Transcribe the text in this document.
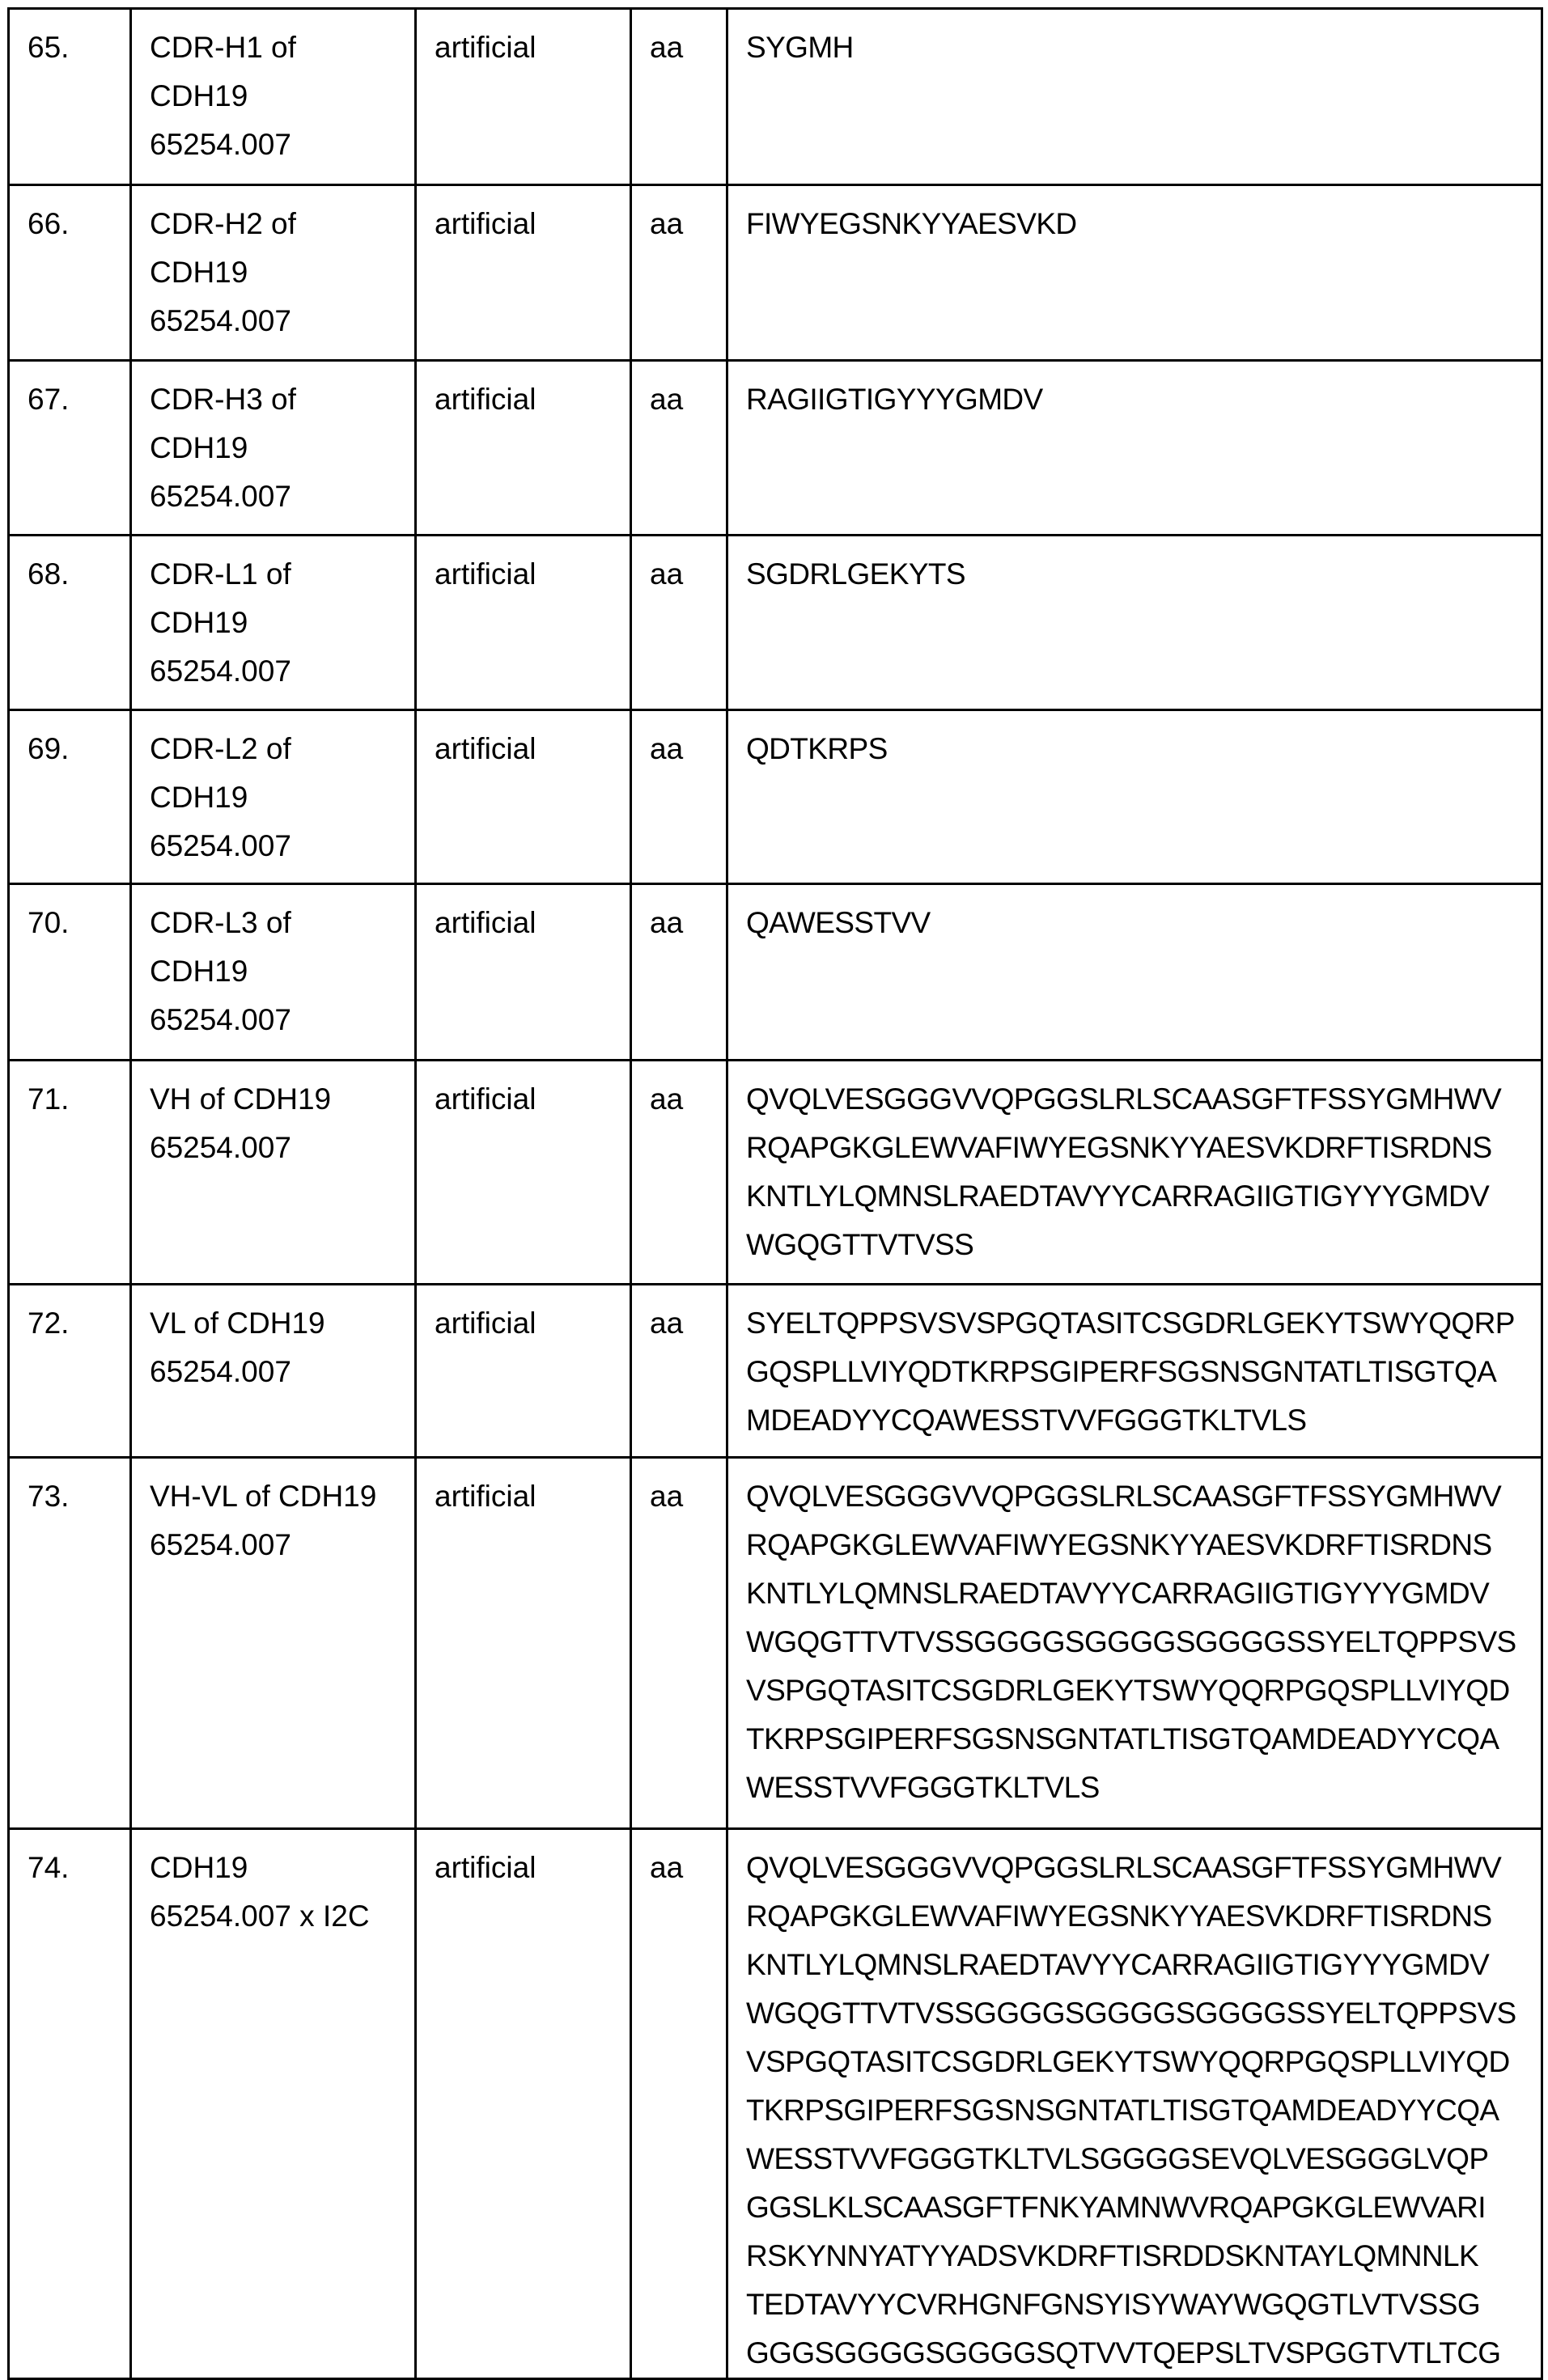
65.	CDR-H1 of
CDH19
65254.007	artificial	aa	SYGMH
66.	CDR-H2 of
CDH19
65254.007	artificial	aa	FIWYEGSNKYYAESVKD
67.	CDR-H3 of
CDH19
65254.007	artificial	aa	RAGIIGTIGYYYGMDV
68.	CDR-L1 of
CDH19
65254.007	artificial	aa	SGDRLGEKYTS
69.	CDR-L2 of
CDH19
65254.007	artificial	aa	QDTKRPS
70.	CDR-L3 of
CDH19
65254.007	artificial	aa	QAWESSTVV
71.	VH of CDH19
65254.007	artificial	aa	QVQLVESGGGVVQPGGSLRLSCAASGFTFSSYGMHWV
RQAPGKGLEWVAFIWYEGSNKYYAESVKDRFTISRDNS
KNTLYLQMNSLRAEDTAVYYCARRAGIIGTIGYYYGMDV
WGQGTTVTVSS
72.	VL of CDH19
65254.007	artificial	aa	SYELTQPPSVSVSPGQTASITCSGDRLGEKYTSWYQQRP
GQSPLLVIYQDTKRPSGIPERFSGSNSGNTATLTISGTQA
MDEADYYCQAWESSTVVFGGGTKLTVLS
73.	VH-VL of CDH19
65254.007	artificial	aa	QVQLVESGGGVVQPGGSLRLSCAASGFTFSSYGMHWV
RQAPGKGLEWVAFIWYEGSNKYYAESVKDRFTISRDNS
KNTLYLQMNSLRAEDTAVYYCARRAGIIGTIGYYYGMDV
WGQGTTVTVSSGGGGSGGGGSGGGGSSYELTQPPSVS
VSPGQTASITCSGDRLGEKYTSWYQQRPGQSPLLVIYQD
TKRPSGIPERFSGSNSGNTATLTISGTQAMDEADYYCQA
WESSTVVFGGGTKLTVLS
74.	CDH19
65254.007 x I2C	artificial	aa	QVQLVESGGGVVQPGGSLRLSCAASGFTFSSYGMHWV
RQAPGKGLEWVAFIWYEGSNKYYAESVKDRFTISRDNS
KNTLYLQMNSLRAEDTAVYYCARRAGIIGTIGYYYGMDV
WGQGTTVTVSSGGGGSGGGGSGGGGSSYELTQPPSVS
VSPGQTASITCSGDRLGEKYTSWYQQRPGQSPLLVIYQD
TKRPSGIPERFSGSNSGNTATLTISGTQAMDEADYYCQA
WESSTVVFGGGTKLTVLSGGGGSEVQLVESGGGLVQP
GGSLKLSCAASGFTFNKYAMNWVRQAPGKGLEWVARI
RSKYNNYATYYADSVKDRFTISRDDSKNTAYLQMNNLK
TEDTAVYYCVRHGNFGNSYISYWAYWGQGTLVTVSSG
GGGSGGGGSGGGGSQTVVTQEPSLTVSPGGTVTLTCG
